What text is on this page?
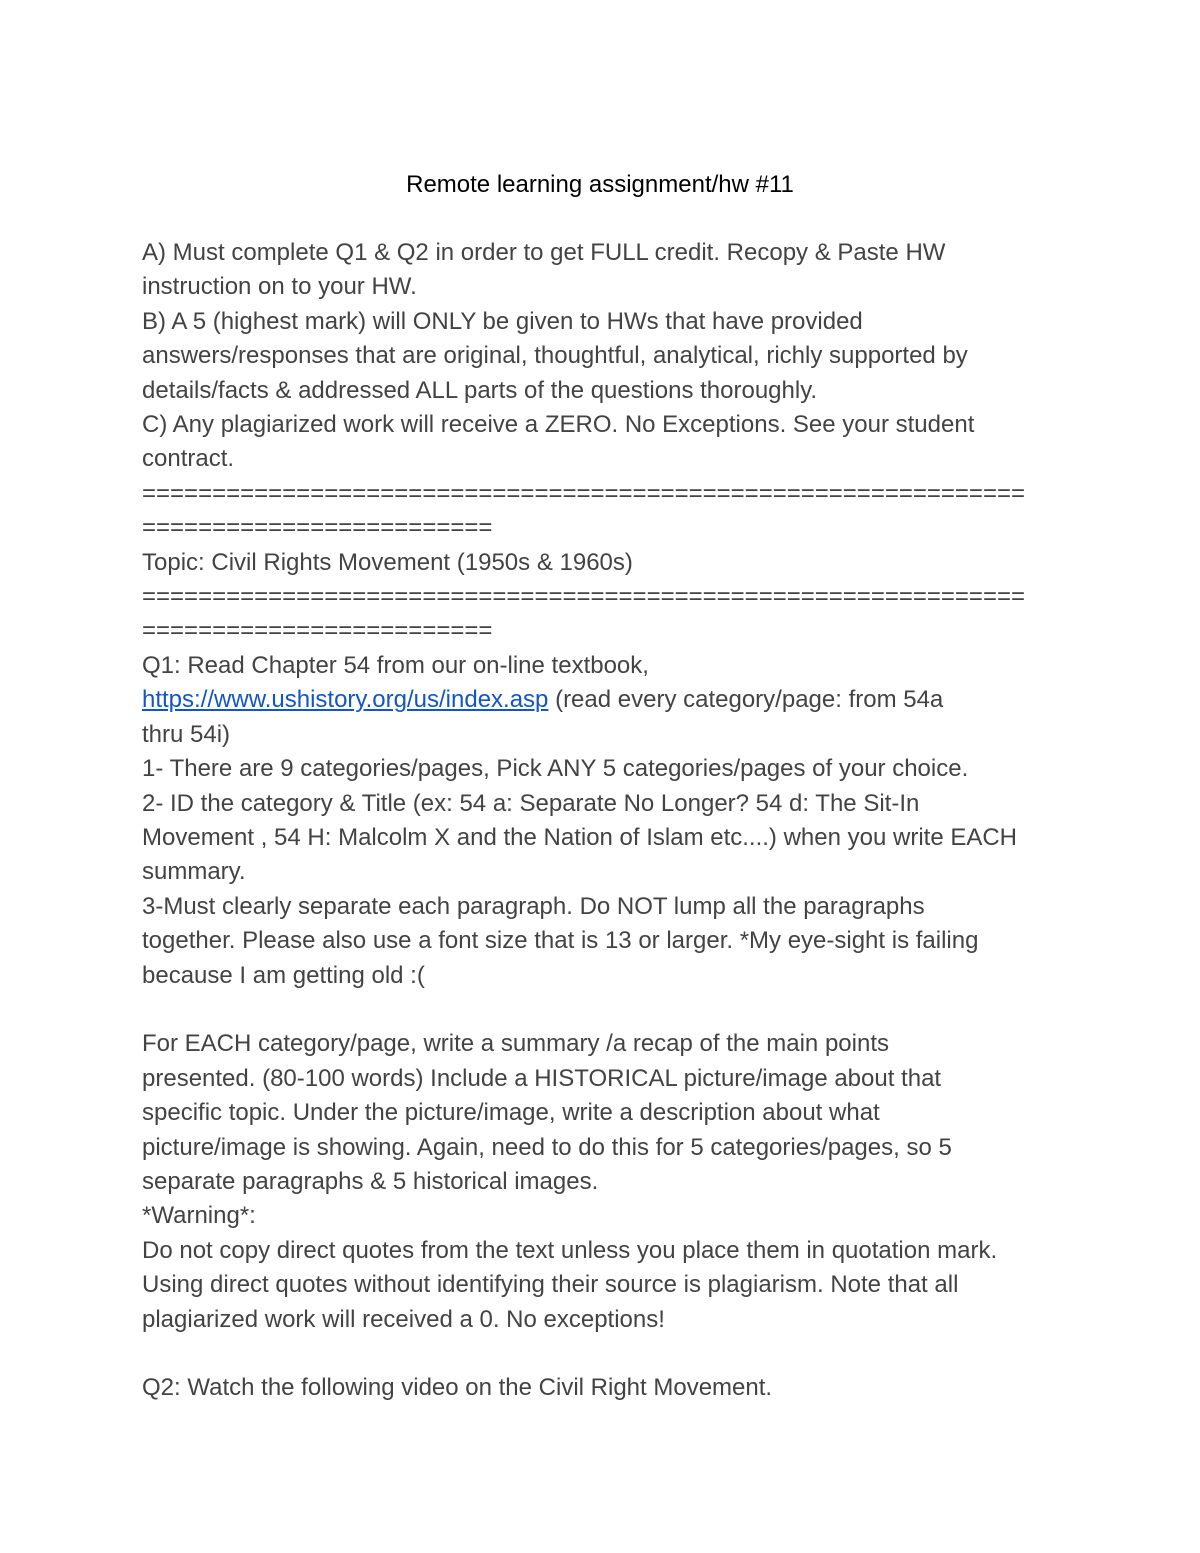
Remote learning assignment/hw #11
A) Must complete Q1 & Q2 in order to get FULL credit. Recopy & Paste HW
instruction on to your HW.
B) A 5 (highest mark) will ONLY be given to HWs that have provided
answers/responses that are original, thoughtful, analytical, richly supported by
details/facts & addressed ALL parts of the questions thoroughly.
C) Any plagiarized work will receive a ZERO. No Exceptions. See your student
contract.
===============================================================
=========================
Topic: Civil Rights Movement (1950s & 1960s)
===============================================================
=========================
Q1: Read Chapter 54 from our on-line textbook,
https://www.ushistory.org/us/index.asp (read every category/page: from 54a
thru 54i)
1- There are 9 categories/pages, Pick ANY 5 categories/pages of your choice.
2- ID the category & Title (ex: 54 a: Separate No Longer? 54 d: The Sit-In
Movement , 54 H: Malcolm X and the Nation of Islam etc....) when you write EACH
summary.
3-Must clearly separate each paragraph. Do NOT lump all the paragraphs
together. Please also use a font size that is 13 or larger. *My eye-sight is failing
because I am getting old :(
For EACH category/page, write a summary /a recap of the main points
presented. (80-100 words) Include a HISTORICAL picture/image about that
specific topic. Under the picture/image, write a description about what
picture/image is showing. Again, need to do this for 5 categories/pages, so 5
separate paragraphs & 5 historical images.
*Warning*:
Do not copy direct quotes from the text unless you place them in quotation mark.
Using direct quotes without identifying their source is plagiarism. Note that all
plagiarized work will received a 0. No exceptions!
Q2: Watch the following video on the Civil Right Movement.
